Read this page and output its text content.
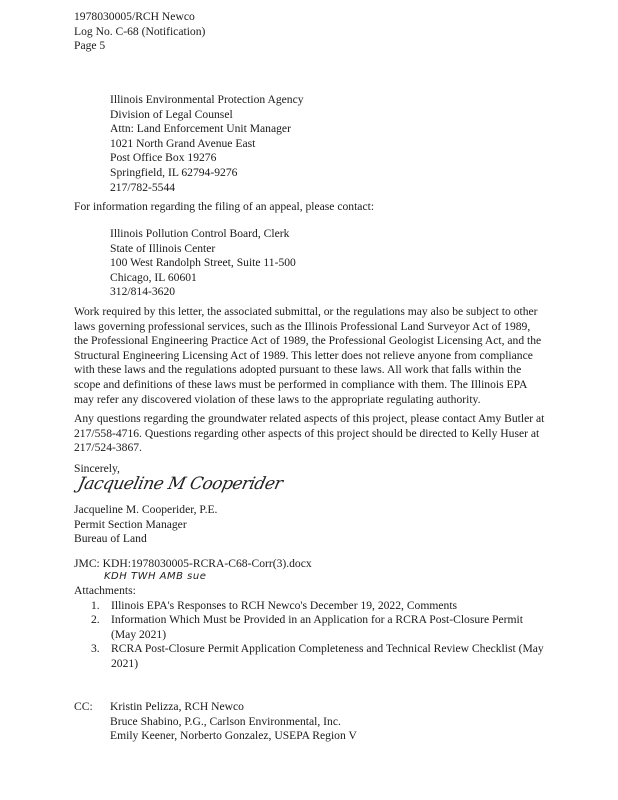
1978030005/RCH Newco
Log No. C-68 (Notification)
Page 5
Illinois Environmental Protection Agency
Division of Legal Counsel
Attn: Land Enforcement Unit Manager
1021 North Grand Avenue East
Post Office Box 19276
Springfield, IL 62794-9276
217/782-5544
For information regarding the filing of an appeal, please contact:
Illinois Pollution Control Board, Clerk
State of Illinois Center
100 West Randolph Street, Suite 11-500
Chicago, IL 60601
312/814-3620
Work required by this letter, the associated submittal, or the regulations may also be subject to other
laws governing professional services, such as the Illinois Professional Land Surveyor Act of 1989,
the Professional Engineering Practice Act of 1989, the Professional Geologist Licensing Act, and the
Structural Engineering Licensing Act of 1989. This letter does not relieve anyone from compliance
with these laws and the regulations adopted pursuant to these laws. All work that falls within the
scope and definitions of these laws must be performed in compliance with them. The Illinois EPA
may refer any discovered violation of these laws to the appropriate regulating authority.
Any questions regarding the groundwater related aspects of this project, please contact Amy Butler at
217/558-4716. Questions regarding other aspects of this project should be directed to Kelly Huser at
217/524-3867.
Sincerely,
Jacqueline M Cooperider
Jacqueline M. Cooperider, P.E.
Permit Section Manager
Bureau of Land
JMC: KDH:1978030005-RCRA-C68-Corr(3).docx
KDH TWH AMB sue
Attachments:
1. Illinois EPA's Responses to RCH Newco's December 19, 2022, Comments
2. Information Which Must be Provided in an Application for a RCRA Post-Closure Permit
(May 2021)
3. RCRA Post-Closure Permit Application Completeness and Technical Review Checklist (May
2021)
CC: Kristin Pelizza, RCH Newco
Bruce Shabino, P.G., Carlson Environmental, Inc.
Emily Keener, Norberto Gonzalez, USEPA Region V
